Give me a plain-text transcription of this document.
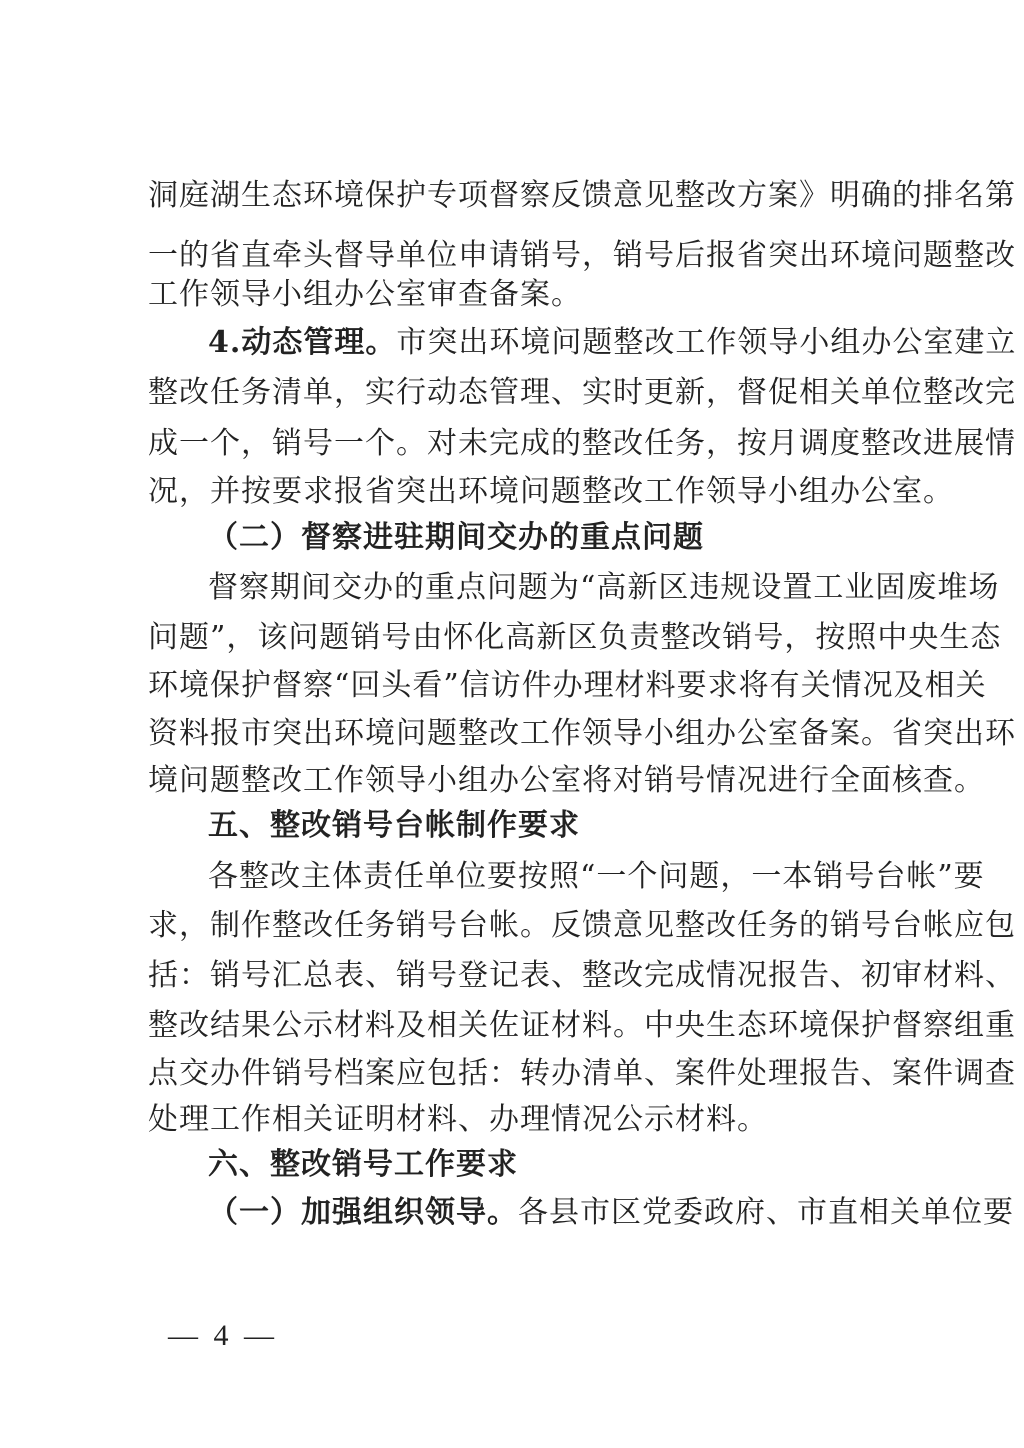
洞庭湖生态环境保护专项督察反馈意见整改方案》明确的排名第
一的省直牵头督导单位申请销号，销号后报省突出环境问题整改
工作领导小组办公室审查备案。
4.动态管理。市突出环境问题整改工作领导小组办公室建立
整改任务清单，实行动态管理、实时更新，督促相关单位整改完
成一个，销号一个。对未完成的整改任务，按月调度整改进展情
况，并按要求报省突出环境问题整改工作领导小组办公室。
（二）督察进驻期间交办的重点问题
督察期间交办的重点问题为“高新区违规设置工业固废堆场
问题”，该问题销号由怀化高新区负责整改销号，按照中央生态
环境保护督察“回头看”信访件办理材料要求将有关情况及相关
资料报市突出环境问题整改工作领导小组办公室备案。省突出环
境问题整改工作领导小组办公室将对销号情况进行全面核查。
五、整改销号台帐制作要求
各整改主体责任单位要按照“一个问题，一本销号台帐”要
求，制作整改任务销号台帐。反馈意见整改任务的销号台帐应包
括：销号汇总表、销号登记表、整改完成情况报告、初审材料、
整改结果公示材料及相关佐证材料。中央生态环境保护督察组重
点交办件销号档案应包括：转办清单、案件处理报告、案件调查
处理工作相关证明材料、办理情况公示材料。
六、整改销号工作要求
（一）加强组织领导。各县市区党委政府、市直相关单位要
— 4 —
